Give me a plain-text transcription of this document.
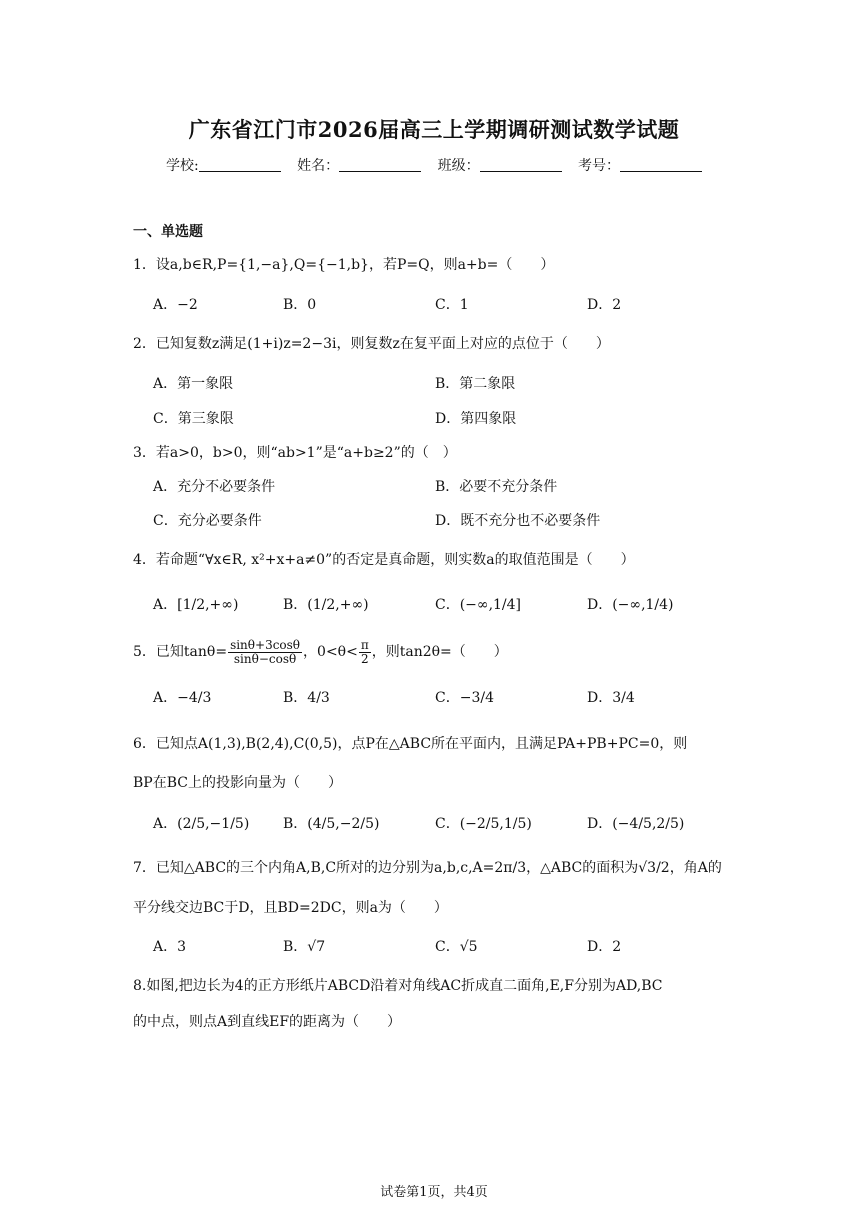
广东省江门市2026届高三上学期调研测试数学试题
学校:	姓名：	班级：	考号：
一、单选题
1．设a,b∈R,P={1,−a},Q={−1,b}，若P=Q，则a+b=（　　）
A．−2	B．0	C．1	D．2
2．已知复数z满足(1+i)z=2−3i，则复数z在复平面上对应的点位于（　　）
A．第一象限	B．第二象限
C．第三象限	D．第四象限
3．若a>0，b>0，则“ab>1”是“a+b≥2”的（　）
A．充分不必要条件	B．必要不充分条件
C．充分必要条件	D．既不充分也不必要条件
4．若命题“∀x∈R, x²+x+a≠0”的否定是真命题，则实数a的取值范围是（　　）
A．[1/2,+∞)	B．(1/2,+∞)	C．(−∞,1/4]	D．(−∞,1/4)
5．已知$\tan\theta= \frac{\sin\theta+3\cos\theta}{\sin\theta-\cos\theta}$ ，$0<\theta< \frac{\pi}{2}$ ，则tan2θ=（　　）
A．−4/3	B．4/3	C．−3/4	D．3/4
6．已知点A(1,3),B(2,4),C(0,5)，点P在△ABC所在平面内，且满足PA+PB+PC=0，则
BP在BC上的投影向量为（　　）
A．(2/5,−1/5) B．(4/5,−2/5)	C．(−2/5,1/5)	D．(−4/5,2/5)
7．已知△ABC的三个内角A,B,C所对的边分别为a,b,c,A=2π/3，△ABC的面积为√3/2，角A的
平分线交边BC于D，且BD=2DC，则a为（　　）
A．3	B．√7	C．√5	D．2
8.如图,把边长为4的正方形纸片ABCD沿着对角线AC折成直二面角,E,F分别为AD,BC
的中点，则点A到直线EF的距离为（　　）
试卷第1页，共4页
